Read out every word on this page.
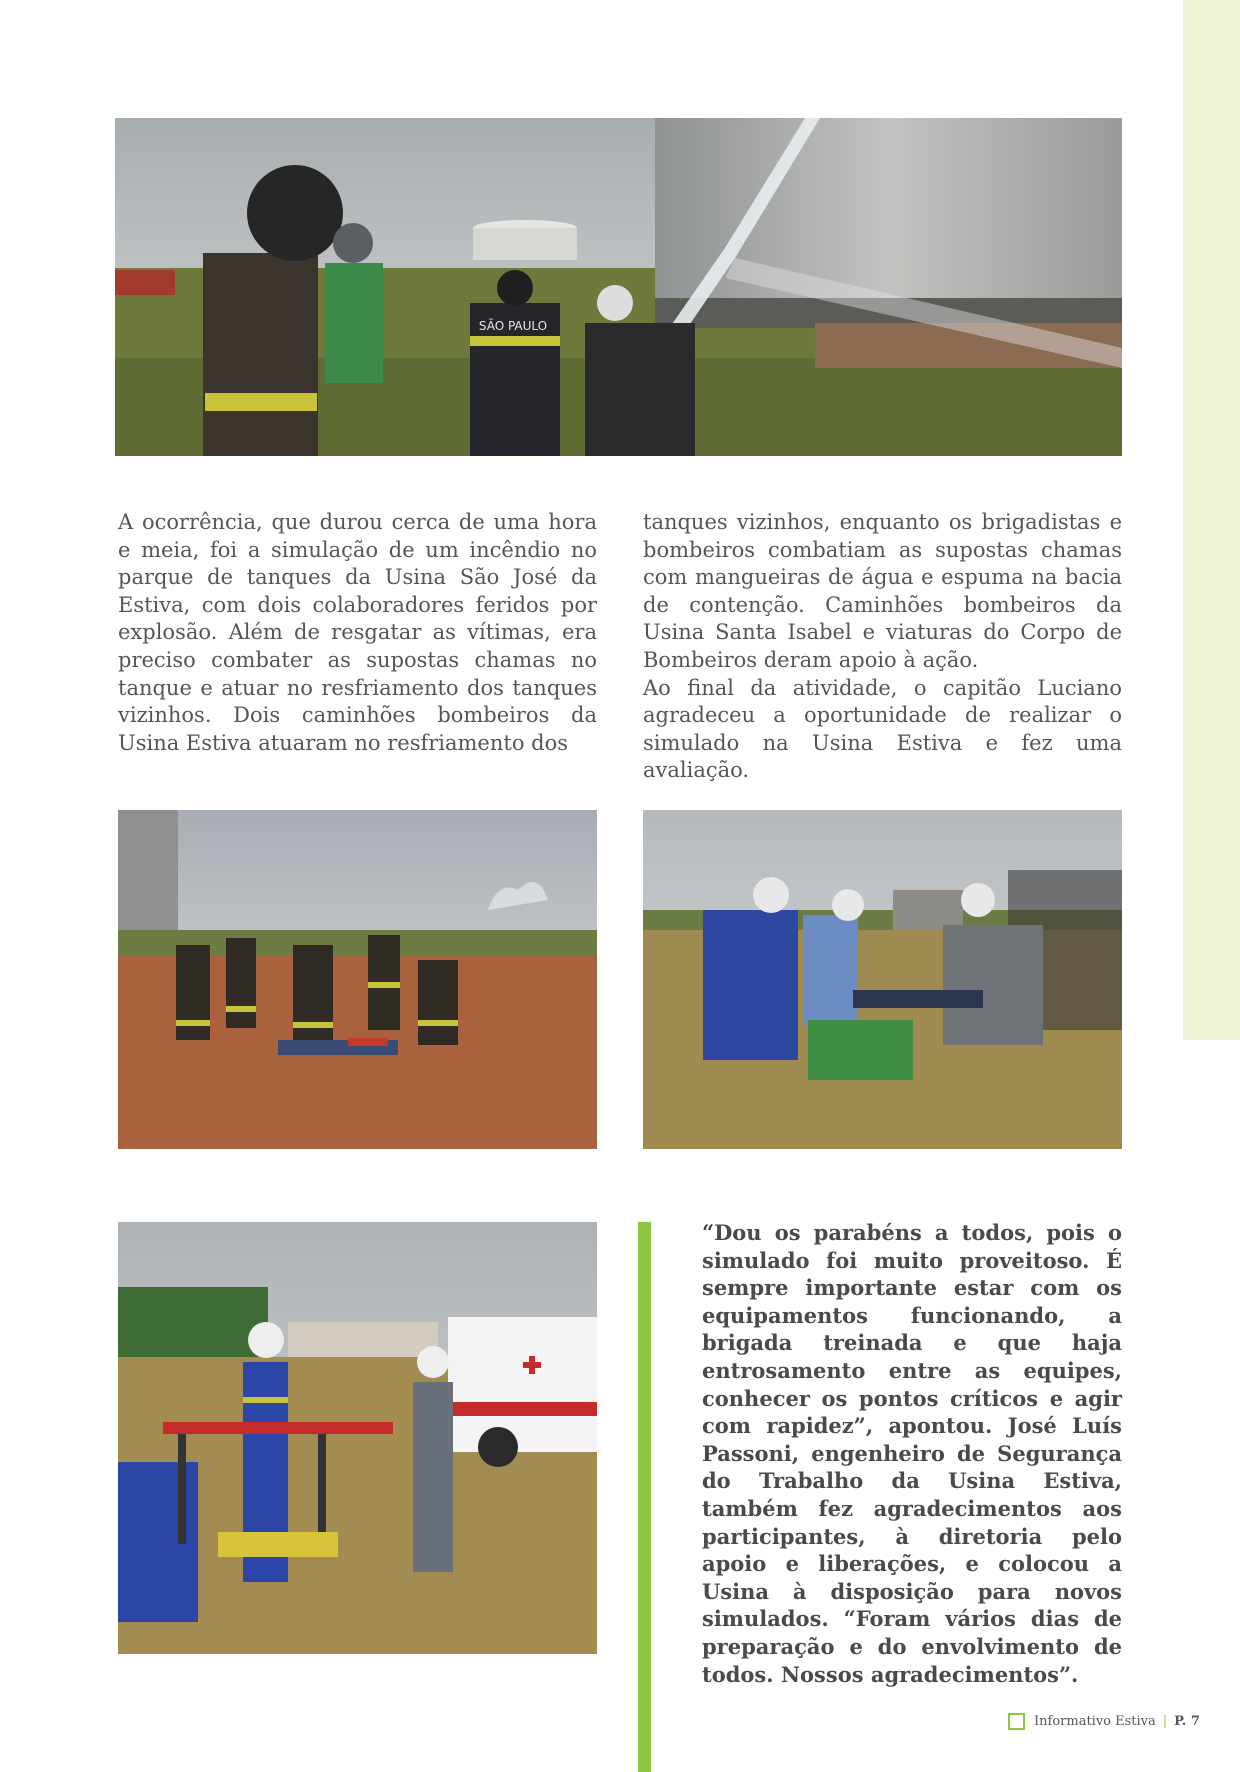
SÃO PAULO
A ocorrência, que durou cerca de uma hora e meia, foi a simulação de um incêndio no parque de tanques da Usina São José da Estiva, com dois colaboradores feridos por explosão. Além de resgatar as vítimas, era preciso combater as supostas chamas no tanque e atuar no resfriamento dos tanques vizinhos. Dois caminhões bombeiros da Usina Estiva atuaram no resfriamento dos

tanques vizinhos, enquanto os brigadistas e bombeiros combatiam as supostas chamas com mangueiras de água e espuma na bacia de contenção. Caminhões bombeiros da Usina Santa Isabel e viaturas do Corpo de Bombeiros deram apoio à ação.

Ao final da atividade, o capitão Luciano agradeceu a oportunidade de realizar o simulado na Usina Estiva e fez uma avaliação.

“Dou os parabéns a todos, pois o simulado foi muito proveitoso. É sempre importante estar com os equipamentos funcionando, a brigada treinada e que haja entrosamento entre as equipes, conhecer os pontos críticos e agir com rapidez”, apontou. José Luís Passoni, engenheiro de Segurança do Trabalho da Usina Estiva, também fez agradecimentos aos participantes, à diretoria pelo apoio e liberações, e colocou a Usina à disposição para novos simulados. “Foram vários dias de preparação e do envolvimento de todos. Nossos agradecimentos”.
Informativo Estiva | P. 7
